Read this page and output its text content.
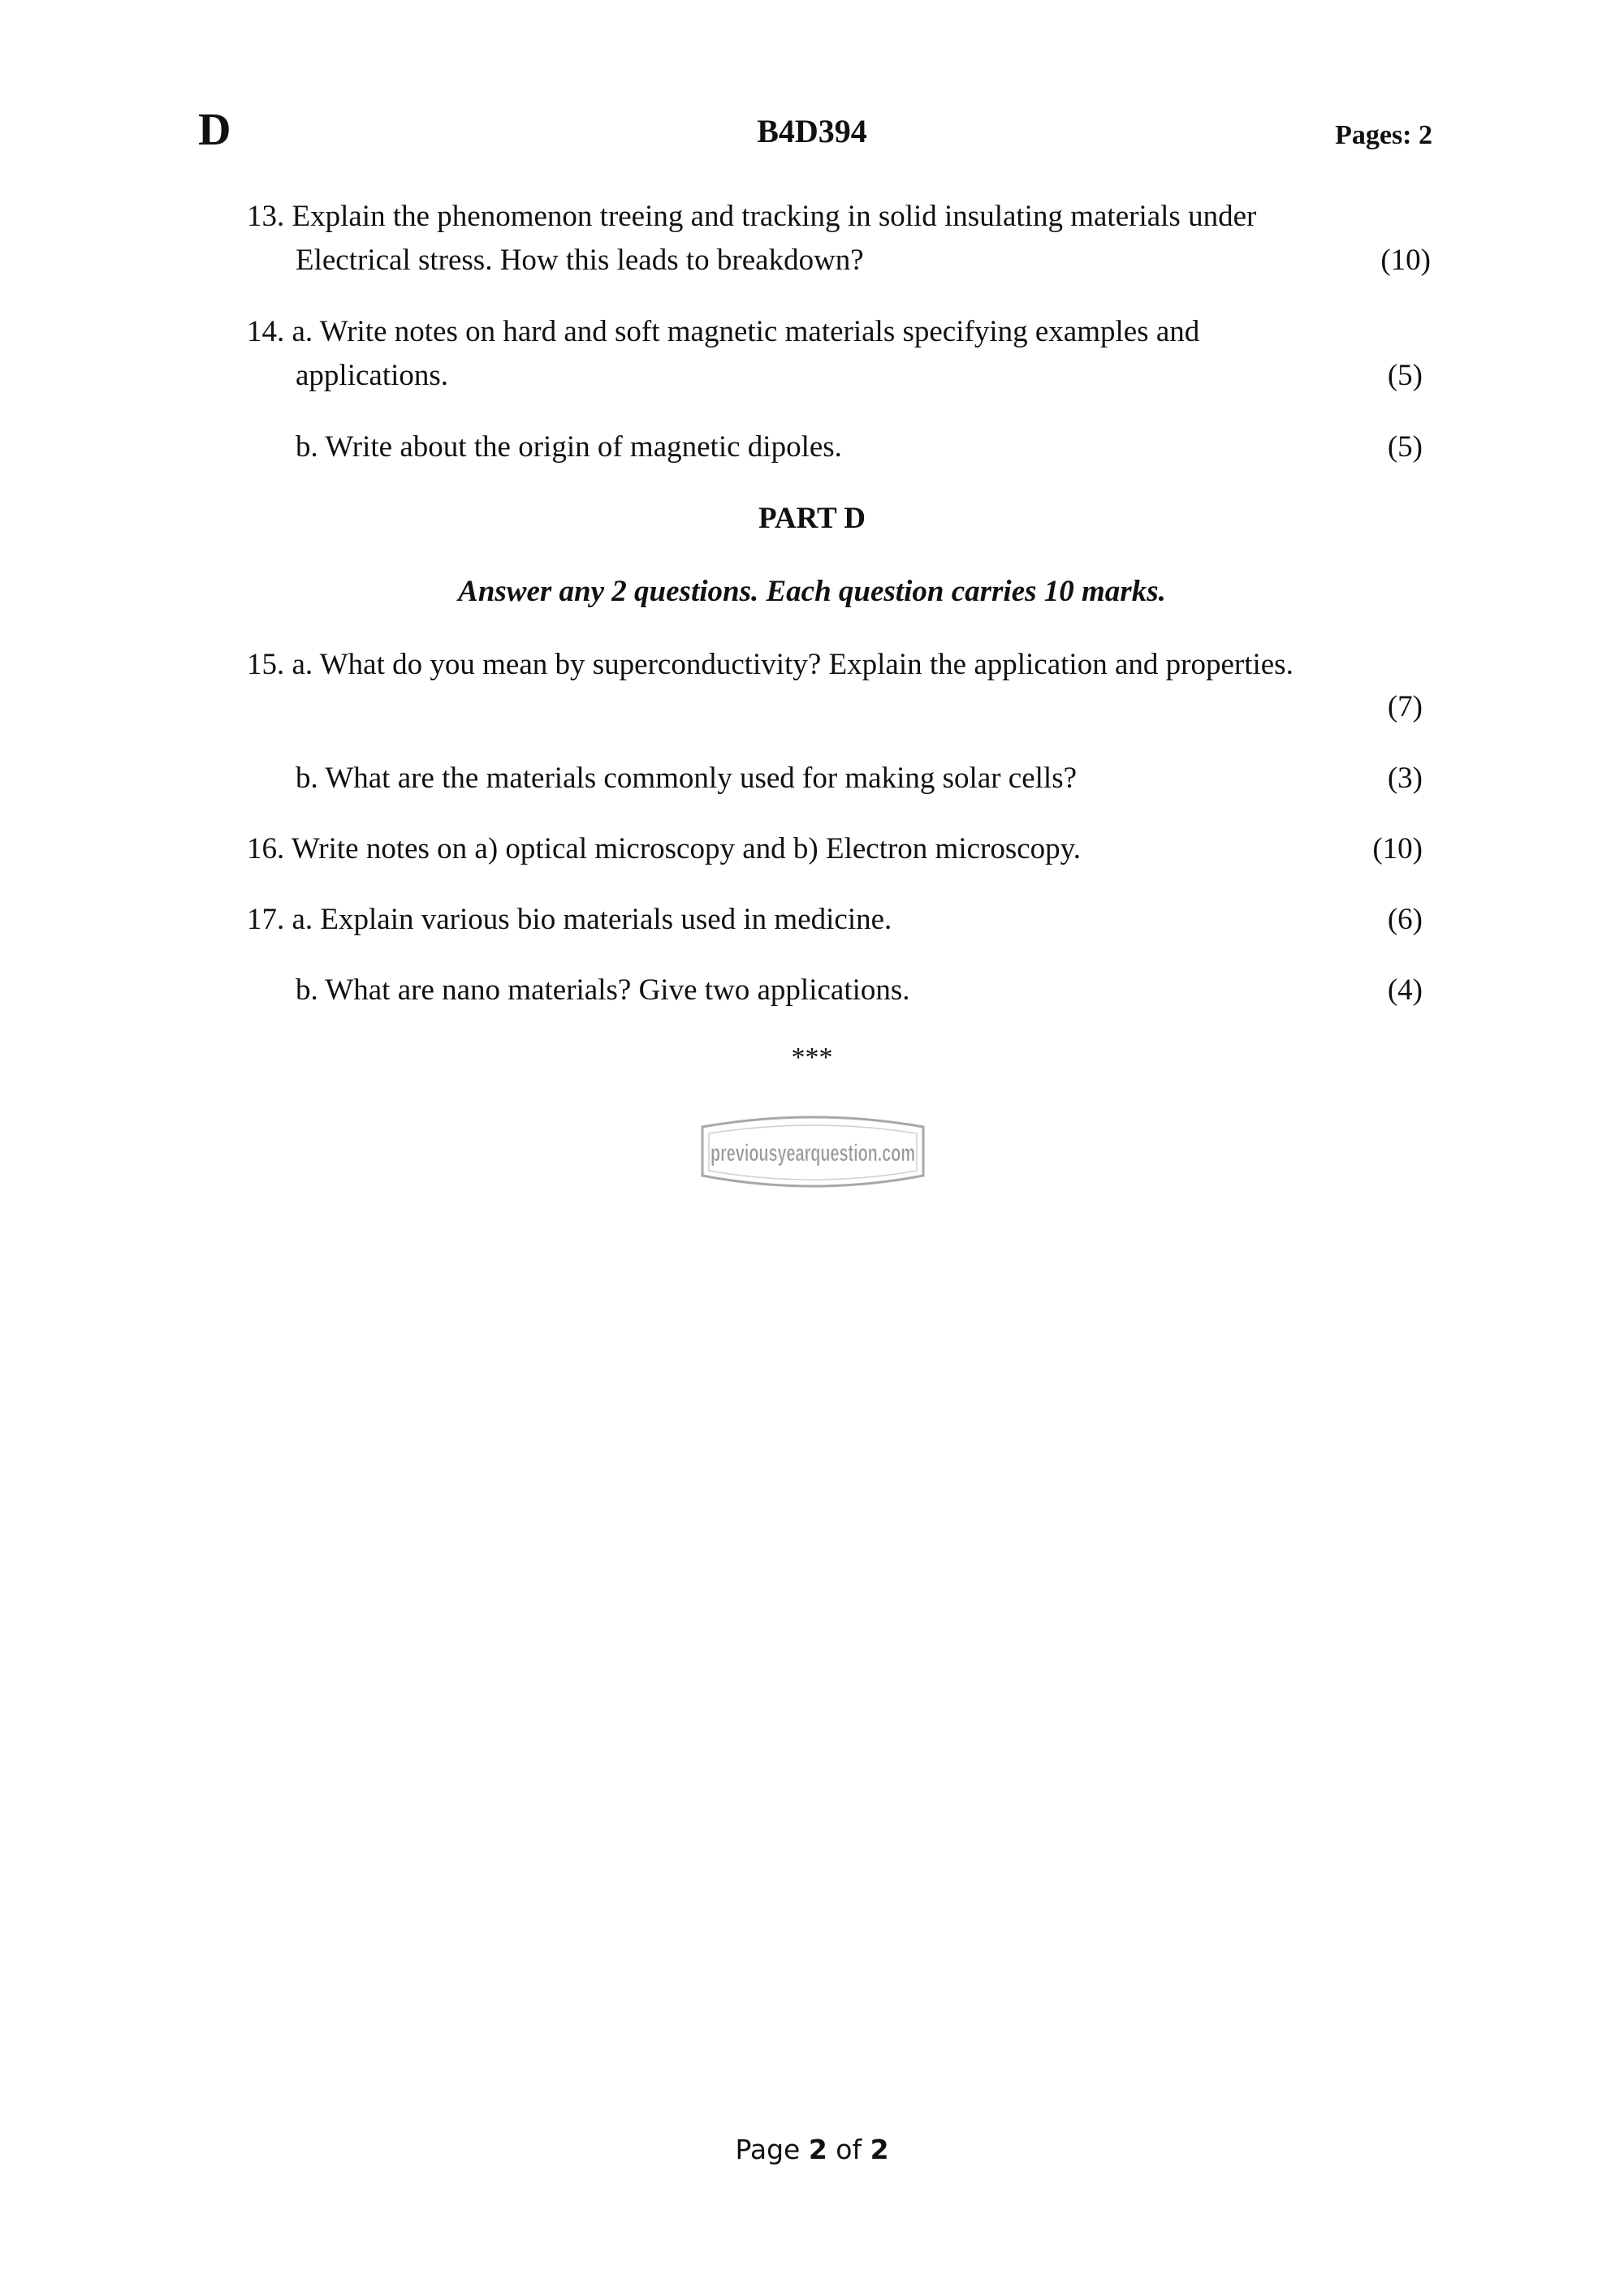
D	B4D394	Pages: 2
13. Explain the phenomenon treeing and tracking in solid insulating materials under
Electrical stress. How this leads to breakdown?	(10)
14. a. Write notes on hard and soft magnetic materials specifying examples and
applications.	(5)
b. Write about the origin of magnetic dipoles.	(5)
PART D
Answer any 2 questions. Each question carries 10 marks.
15. a. What do you mean by superconductivity? Explain the application and properties.
(7)
b. What are the materials commonly used for making solar cells?	(3)
16. Write notes on a) optical microscopy and b) Electron microscopy.	(10)
17. a. Explain various bio materials used in medicine.	(6)
b. What are nano materials? Give two applications.	(4)
***
previousyearquestion.com
Page 2 of 2
